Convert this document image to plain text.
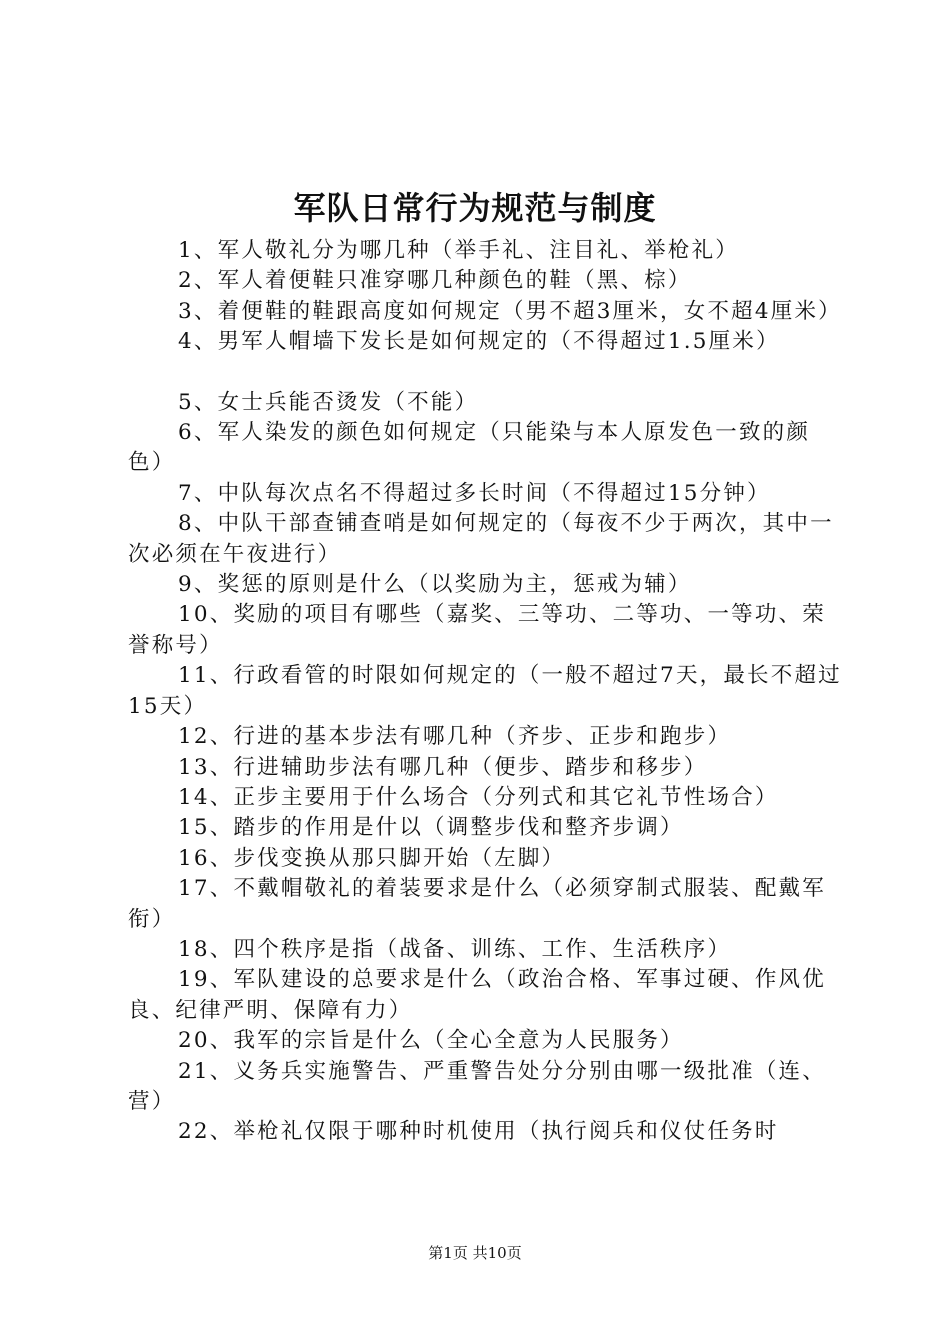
军队日常行为规范与制度

1、军人敬礼分为哪几种（举手礼、注目礼、举枪礼）

2、军人着便鞋只准穿哪几种颜色的鞋（黑、棕）

3、着便鞋的鞋跟高度如何规定（男不超3厘米，女不超4厘米）

4、男军人帽墙下发长是如何规定的（不得超过1.5厘米）

5、女士兵能否烫发（不能）

6、军人染发的颜色如何规定（只能染与本人原发色一致的颜色）

7、中队每次点名不得超过多长时间（不得超过15分钟）

8、中队干部查铺查哨是如何规定的（每夜不少于两次，其中一次必须在午夜进行）

9、奖惩的原则是什么（以奖励为主，惩戒为辅）

10、奖励的项目有哪些（嘉奖、三等功、二等功、一等功、荣誉称号）

11、行政看管的时限如何规定的（一般不超过7天，最长不超过15天）

12、行进的基本步法有哪几种（齐步、正步和跑步）

13、行进辅助步法有哪几种（便步、踏步和移步）

14、正步主要用于什么场合（分列式和其它礼节性场合）

15、踏步的作用是什以（调整步伐和整齐步调）

16、步伐变换从那只脚开始（左脚）

17、不戴帽敬礼的着装要求是什么（必须穿制式服装、配戴军衔）

18、四个秩序是指（战备、训练、工作、生活秩序）

19、军队建设的总要求是什么（政治合格、军事过硬、作风优良、纪律严明、保障有力）

20、我军的宗旨是什么（全心全意为人民服务）

21、义务兵实施警告、严重警告处分分别由哪一级批准（连、营）

22、举枪礼仅限于哪种时机使用（执行阅兵和仪仗任务时

第1页 共10页
